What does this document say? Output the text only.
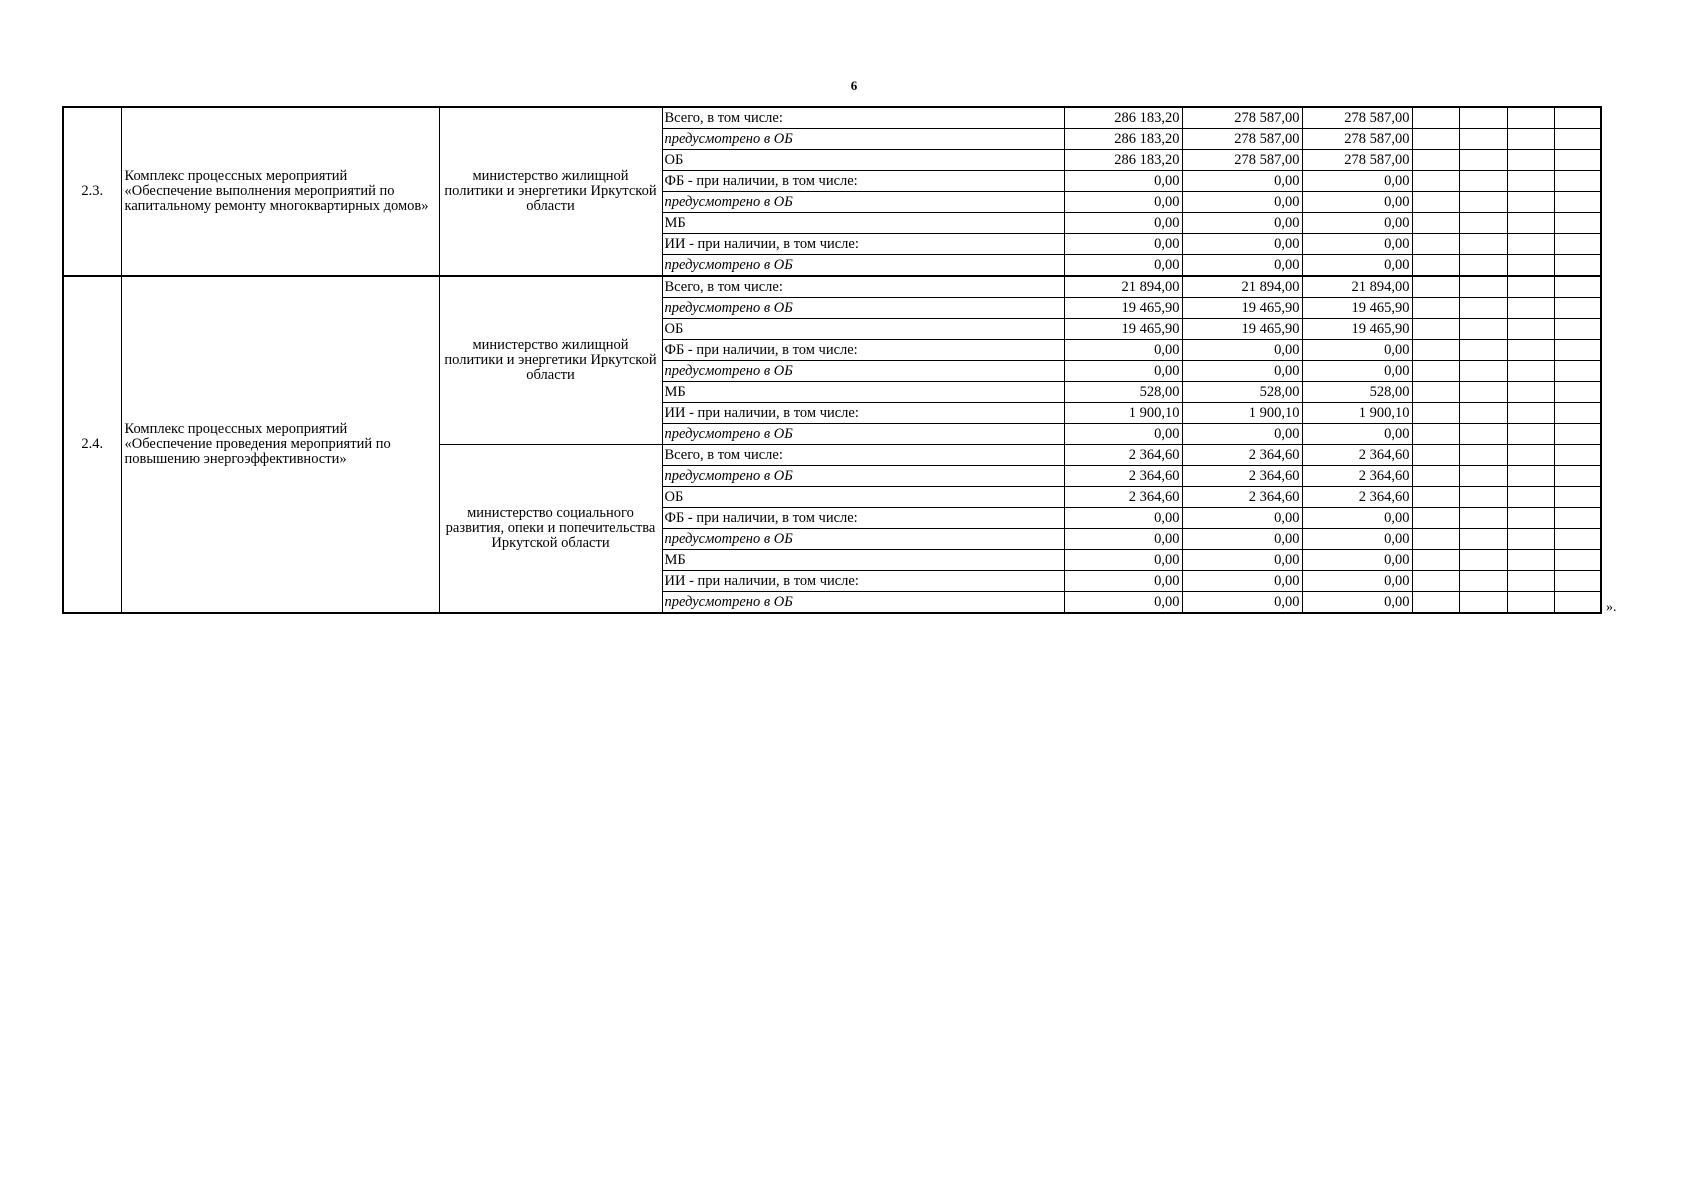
6
2.3.	Комплекс процессных мероприятий «Обеспечение выполнения мероприятий по капитальному ремонту многоквартирных домов»	министерство жилищной политики и энергетики Иркутской области	Всего, в том числе:	286 183,20	278 587,00	278 587,00				
			предусмотрено в ОБ	286 183,20	278 587,00	278 587,00				
			ОБ	286 183,20	278 587,00	278 587,00				
			ФБ - при наличии, в том числе:	0,00	0,00	0,00				
			предусмотрено в ОБ	0,00	0,00	0,00				
			МБ	0,00	0,00	0,00				
			ИИ - при наличии, в том числе:	0,00	0,00	0,00				
			предусмотрено в ОБ	0,00	0,00	0,00				
2.4.	Комплекс процессных мероприятий «Обеспечение проведения мероприятий по повышению энергоэффективности»	министерство жилищной политики и энергетики Иркутской области	Всего, в том числе:	21 894,00	21 894,00	21 894,00				
			предусмотрено в ОБ	19 465,90	19 465,90	19 465,90				
			ОБ	19 465,90	19 465,90	19 465,90				
			ФБ - при наличии, в том числе:	0,00	0,00	0,00				
			предусмотрено в ОБ	0,00	0,00	0,00				
			МБ	528,00	528,00	528,00				
			ИИ - при наличии, в том числе:	1 900,10	1 900,10	1 900,10				
			предусмотрено в ОБ	0,00	0,00	0,00				
		министерство социального развития, опеки и попечительства Иркутской области	Всего, в том числе:	2 364,60	2 364,60	2 364,60				
			предусмотрено в ОБ	2 364,60	2 364,60	2 364,60				
			ОБ	2 364,60	2 364,60	2 364,60				
			ФБ - при наличии, в том числе:	0,00	0,00	0,00				
			предусмотрено в ОБ	0,00	0,00	0,00				
			МБ	0,00	0,00	0,00				
			ИИ - при наличии, в том числе:	0,00	0,00	0,00				
			предусмотрено в ОБ	0,00	0,00	0,00					».
